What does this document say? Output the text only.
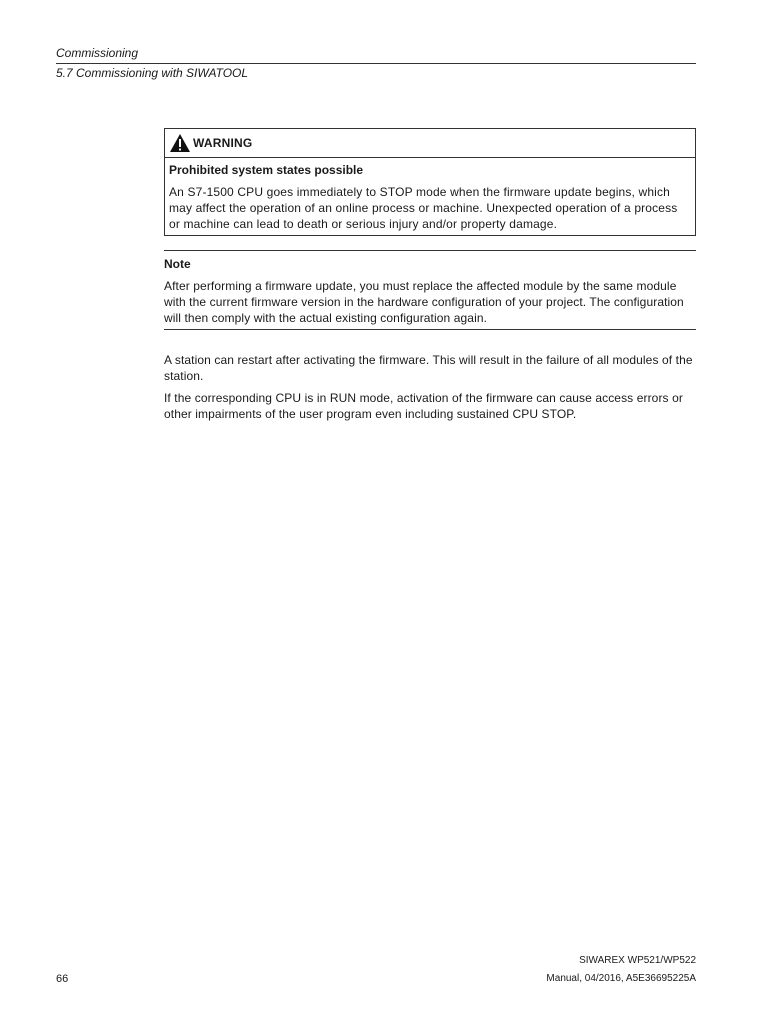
Commissioning

5.7 Commissioning with SIWATOOL

WARNING
Prohibited system states possible
An S7-1500 CPU goes immediately to STOP mode when the firmware update begins, which may affect the operation of an online process or machine. Unexpected operation of a process or machine can lead to death or serious injury and/or property damage.
Note
After performing a firmware update, you must replace the affected module by the same module with the current firmware version in the hardware configuration of your project. The configuration will then comply with the actual existing configuration again.
A station can restart after activating the firmware. This will result in the failure of all modules of the station.
If the corresponding CPU is in RUN mode, activation of the firmware can cause access errors or other impairments of the user program even including sustained CPU STOP.
SIWAREX WP521/WP522
Manual, 04/2016, A5E36695225A
66
